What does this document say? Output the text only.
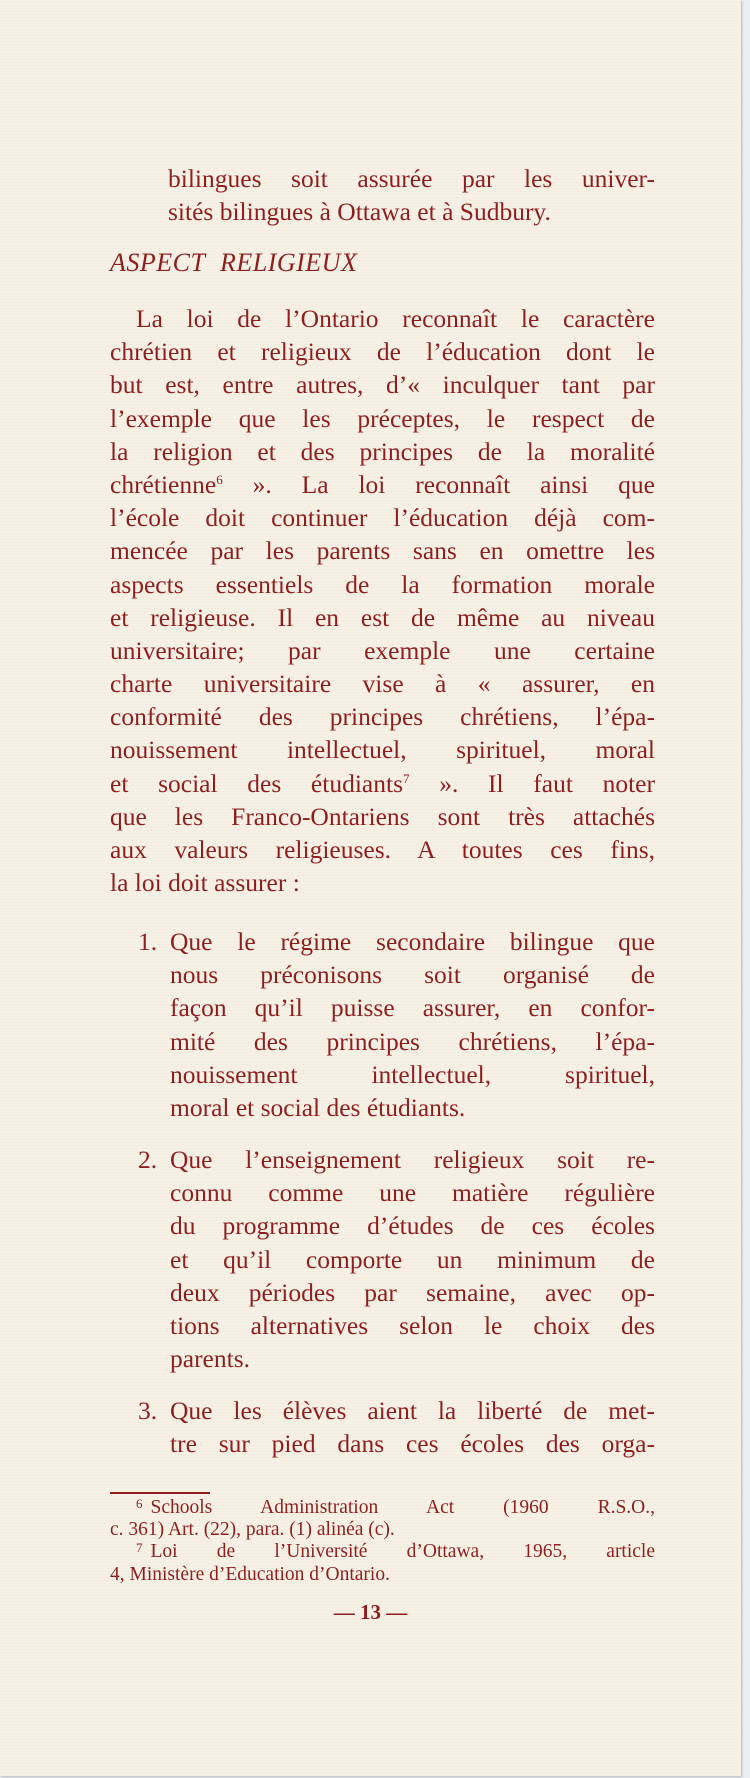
bilingues soit assurée par les univer-
sités bilingues à Ottawa et à Sudbury.
ASPECT RELIGIEUX
La loi de l’Ontario reconnaît le caractère
chrétien et religieux de l’éducation dont le
but est, entre autres, d’« inculquer tant par
l’exemple que les préceptes, le respect de
la religion et des principes de la moralité
chrétienne$^6$ ». La loi reconnaît ainsi que
l’école doit continuer l’éducation déjà com-
mencée par les parents sans en omettre les
aspects essentiels de la formation morale
et religieuse. Il en est de même au niveau
universitaire; par exemple une certaine
charte universitaire vise à « assurer, en
conformité des principes chrétiens, l’épa-
nouissement intellectuel, spirituel, moral
et social des étudiants$^7$ ». Il faut noter
que les Franco-Ontariens sont très attachés
aux valeurs religieuses. A toutes ces fins,
la loi doit assurer :
1. Que le régime secondaire bilingue que
nous préconisons soit organisé de
façon qu’il puisse assurer, en confor-
mité des principes chrétiens, l’épa-
nouissement intellectuel, spirituel,
moral et social des étudiants.
2. Que l’enseignement religieux soit re-
connu comme une matière régulière
du programme d’études de ces écoles
et qu’il comporte un minimum de
deux périodes par semaine, avec op-
tions alternatives selon le choix des
parents.
3. Que les élèves aient la liberté de met-
tre sur pied dans ces écoles des orga-
$^6$ Schools Administration Act (1960 R.S.O.,
c. 361) Art. (22), para. (1) alinéa (c).
$^7$ Loi de l’Université d’Ottawa, 1965, article
4, Ministère d’Education d’Ontario.
— 13 —
